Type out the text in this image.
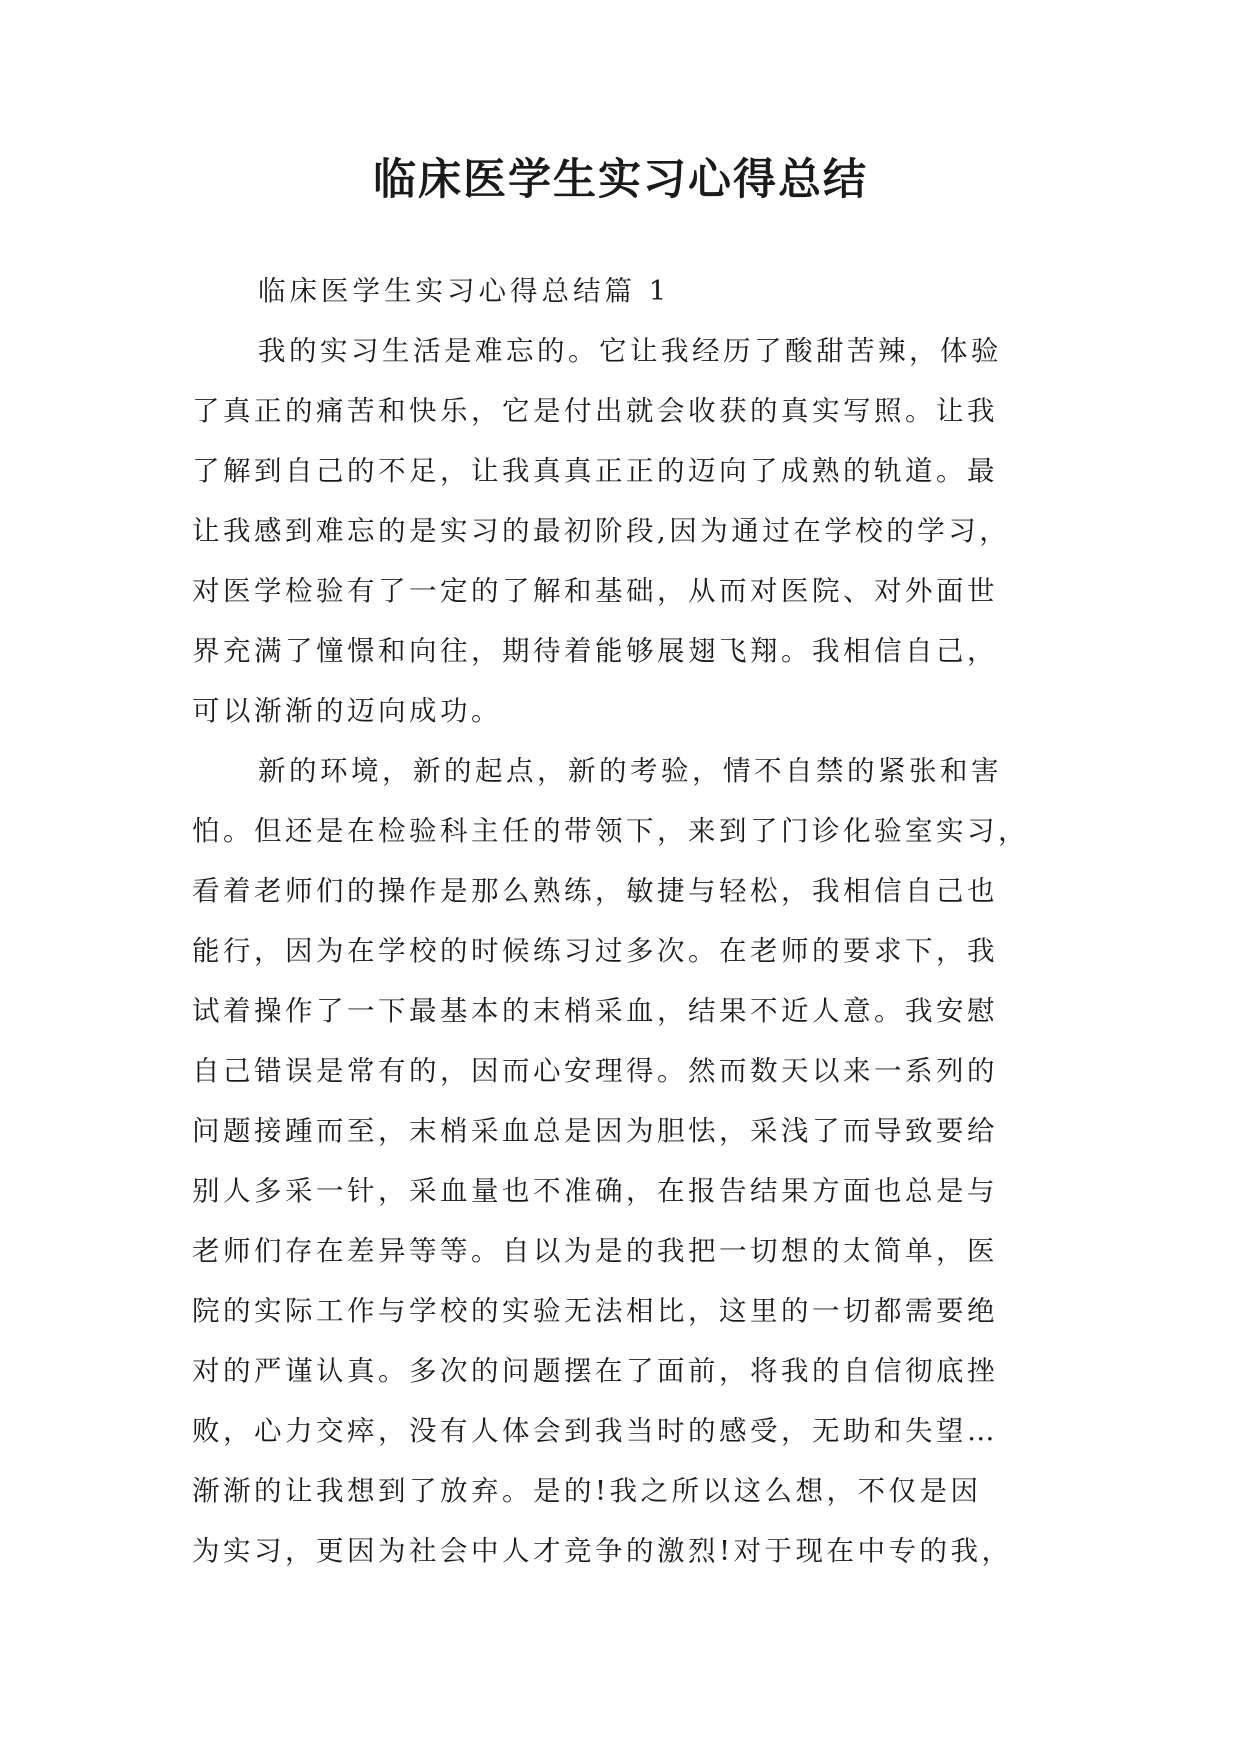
临床医学生实习心得总结
临床医学生实习心得总结篇 1
我的实习生活是难忘的。它让我经历了酸甜苦辣，体验
了真正的痛苦和快乐，它是付出就会收获的真实写照。让我
了解到自己的不足，让我真真正正的迈向了成熟的轨道。最
让我感到难忘的是实习的最初阶段,因为通过在学校的学习，
对医学检验有了一定的了解和基础，从而对医院、对外面世
界充满了憧憬和向往，期待着能够展翅飞翔。我相信自己，
可以渐渐的迈向成功。
新的环境，新的起点，新的考验，情不自禁的紧张和害
怕。但还是在检验科主任的带领下，来到了门诊化验室实习，
看着老师们的操作是那么熟练，敏捷与轻松，我相信自己也
能行，因为在学校的时候练习过多次。在老师的要求下，我
试着操作了一下最基本的末梢采血，结果不近人意。我安慰
自己错误是常有的，因而心安理得。然而数天以来一系列的
问题接踵而至，末梢采血总是因为胆怯，采浅了而导致要给
别人多采一针，采血量也不准确，在报告结果方面也总是与
老师们存在差异等等。自以为是的我把一切想的太简单，医
院的实际工作与学校的实验无法相比，这里的一切都需要绝
对的严谨认真。多次的问题摆在了面前，将我的自信彻底挫
败，心力交瘁，没有人体会到我当时的感受，无助和失望…
渐渐的让我想到了放弃。是的!我之所以这么想，不仅是因
为实习，更因为社会中人才竞争的激烈!对于现在中专的我，
